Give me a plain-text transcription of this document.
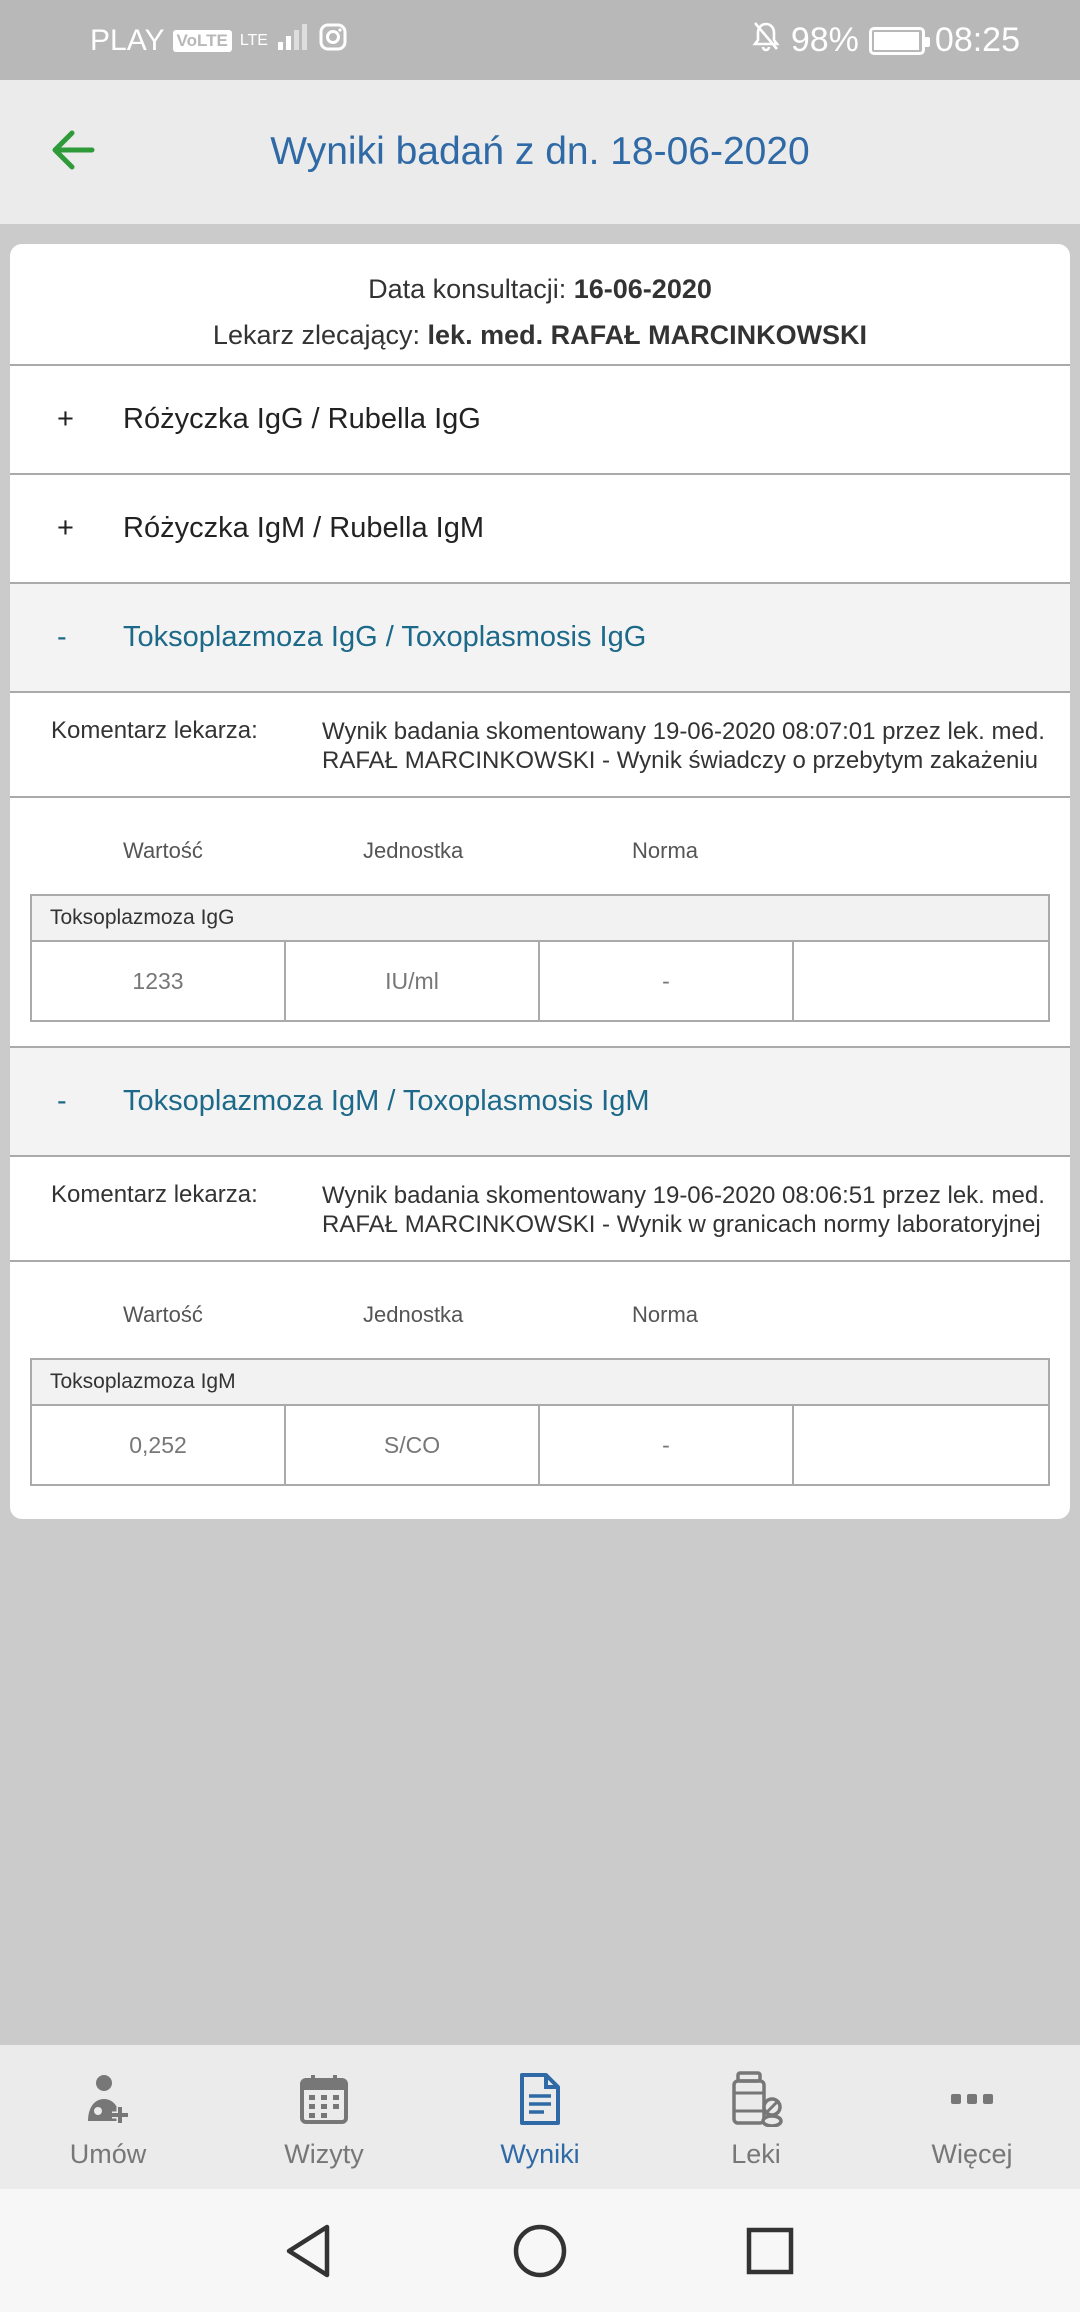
PLAY VoLTE LTE	98% 08:25
Wyniki badań z dn. 18-06-2020
Data konsultacji: 16-06-2020
Lekarz zlecający: lek. med. RAFAŁ MARCINKOWSKI
+	Różyczka IgG / Rubella IgG
+	Różyczka IgM / Rubella IgM
-	Toksoplazmoza IgG / Toxoplasmosis IgG
Komentarz lekarza:	Wynik badania skomentowany 19-06-2020 08:07:01 przez lek. med.
RAFAŁ MARCINKOWSKI - Wynik świadczy o przebytym zakażeniu
Wartość	Jednostka	Norma
Toksoplazmoza IgG
1233	IU/ml	-
-	Toksoplazmoza IgM / Toxoplasmosis IgM
Komentarz lekarza:	Wynik badania skomentowany 19-06-2020 08:06:51 przez lek. med.
RAFAŁ MARCINKOWSKI - Wynik w granicach normy laboratoryjnej
Wartość	Jednostka	Norma
Toksoplazmoza IgM
0,252	S/CO	-
Umów	Wizyty	Wyniki	Leki	Więcej
